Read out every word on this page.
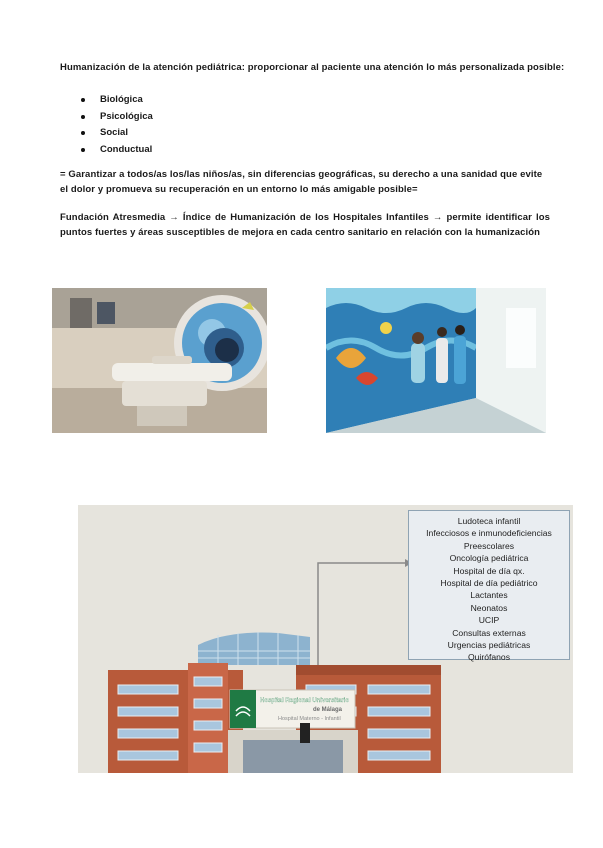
Humanización de la atención pediátrica: proporcionar al paciente una atención lo más personalizada posible:
Biológica
Psicológica
Social
Conductual
= Garantizar a todos/as los/las niños/as, sin diferencias geográficas, su derecho a una sanidad que evite el dolor y promueva su recuperación en un entorno lo más amigable posible=
Fundación Atresmedia → Índice de Humanización de los Hospitales Infantiles → permite identificar los puntos fuertes y áreas susceptibles de mejora en cada centro sanitario en relación con la humanización
Hospital Regional Universitario
de Málaga
Hospital Materno - Infantil
Ludoteca infantil
Infecciosos e inmunodeficiencias
Preescolares
Oncología pediátrica
Hospital de día qx.
Hospital de día pediátrico
Lactantes
Neonatos
UCIP
Consultas externas
Urgencias pediátricas
Quirófanos
